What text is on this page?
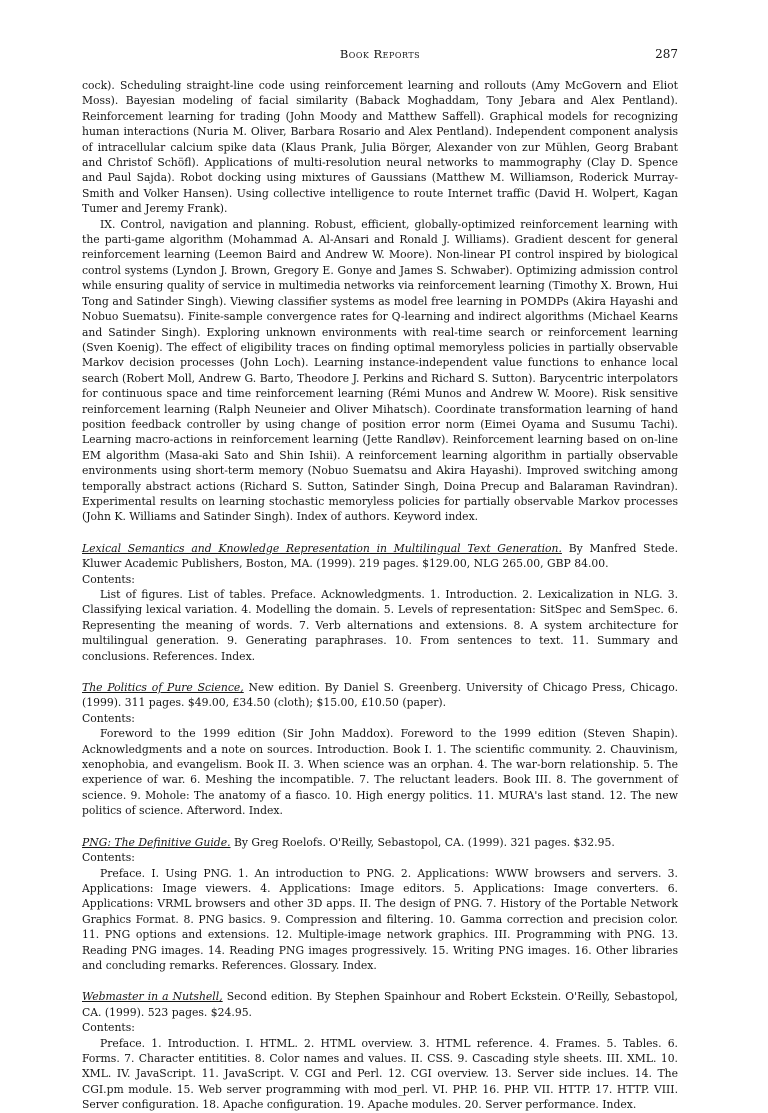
Book Reports	287

cock). Scheduling straight-line code using reinforcement learning and rollouts (Amy McGovern and Eliot Moss). Bayesian modeling of facial similarity (Baback Moghaddam, Tony Jebara and Alex Pentland). Reinforcement learning for trading (John Moody and Matthew Saffell). Graphical models for recognizing human interactions (Nuria M. Oliver, Barbara Rosario and Alex Pentland). Independent component analysis of intracellular calcium spike data (Klaus Prank, Julia Börger, Alexander von zur Mühlen, Georg Brabant and Christof Schöfl). Applications of multi-resolution neural networks to mammography (Clay D. Spence and Paul Sajda). Robot docking using mixtures of Gaussians (Matthew M. Williamson, Roderick Murray-Smith and Volker Hansen). Using collective intelligence to route Internet traffic (David H. Wolpert, Kagan Tumer and Jeremy Frank).

IX. Control, navigation and planning. Robust, efficient, globally-optimized reinforcement learning with the parti-game algorithm (Mohammad A. Al-Ansari and Ronald J. Williams). Gradient descent for general reinforcement learning (Leemon Baird and Andrew W. Moore). Non-linear PI control inspired by biological control systems (Lyndon J. Brown, Gregory E. Gonye and James S. Schwaber). Optimizing admission control while ensuring quality of service in multimedia networks via reinforcement learning (Timothy X. Brown, Hui Tong and Satinder Singh). Viewing classifier systems as model free learning in POMDPs (Akira Hayashi and Nobuo Suematsu). Finite-sample convergence rates for Q-learning and indirect algorithms (Michael Kearns and Satinder Singh). Exploring unknown environments with real-time search or reinforcement learning (Sven Koenig). The effect of eligibility traces on finding optimal memoryless policies in partially observable Markov decision processes (John Loch). Learning instance-independent value functions to enhance local search (Robert Moll, Andrew G. Barto, Theodore J. Perkins and Richard S. Sutton). Barycentric interpolators for continuous space and time reinforcement learning (Rémi Munos and Andrew W. Moore). Risk sensitive reinforcement learning (Ralph Neuneier and Oliver Mihatsch). Coordinate transformation learning of hand position feedback controller by using change of position error norm (Eimei Oyama and Susumu Tachi). Learning macro-actions in reinforcement learning (Jette Randløv). Reinforcement learning based on on-line EM algorithm (Masa-aki Sato and Shin Ishii). A reinforcement learning algorithm in partially observable environments using short-term memory (Nobuo Suematsu and Akira Hayashi). Improved switching among temporally abstract actions (Richard S. Sutton, Satinder Singh, Doina Precup and Balaraman Ravindran). Experimental results on learning stochastic memoryless policies for partially observable Markov processes (John K. Williams and Satinder Singh). Index of authors. Keyword index.

Lexical Semantics and Knowledge Representation in Multilingual Text Generation. By Manfred Stede. Kluwer Academic Publishers, Boston, MA. (1999). 219 pages. $129.00, NLG 265.00, GBP 84.00.

Contents:

List of figures. List of tables. Preface. Acknowledgments. 1. Introduction. 2. Lexicalization in NLG. 3. Classifying lexical variation. 4. Modelling the domain. 5. Levels of representation: SitSpec and SemSpec. 6. Representing the meaning of words. 7. Verb alternations and extensions. 8. A system architecture for multilingual generation. 9. Generating paraphrases. 10. From sentences to text. 11. Summary and conclusions. References. Index.

The Politics of Pure Science, New edition. By Daniel S. Greenberg. University of Chicago Press, Chicago. (1999). 311 pages. $49.00, £34.50 (cloth); $15.00, £10.50 (paper).

Contents:

Foreword to the 1999 edition (Sir John Maddox). Foreword to the 1999 edition (Steven Shapin). Acknowledgments and a note on sources. Introduction. Book I. 1. The scientific community. 2. Chauvinism, xenophobia, and evangelism. Book II. 3. When science was an orphan. 4. The war-born relationship. 5. The experience of war. 6. Meshing the incompatible. 7. The reluctant leaders. Book III. 8. The government of science. 9. Mohole: The anatomy of a fiasco. 10. High energy politics. 11. MURA's last stand. 12. The new politics of science. Afterword. Index.

PNG: The Definitive Guide. By Greg Roelofs. O'Reilly, Sebastopol, CA. (1999). 321 pages. $32.95.

Contents:

Preface. I. Using PNG. 1. An introduction to PNG. 2. Applications: WWW browsers and servers. 3. Applications: Image viewers. 4. Applications: Image editors. 5. Applications: Image converters. 6. Applications: VRML browsers and other 3D apps. II. The design of PNG. 7. History of the Portable Network Graphics Format. 8. PNG basics. 9. Compression and filtering. 10. Gamma correction and precision color. 11. PNG options and extensions. 12. Multiple-image network graphics. III. Programming with PNG. 13. Reading PNG images. 14. Reading PNG images progressively. 15. Writing PNG images. 16. Other libraries and concluding remarks. References. Glossary. Index.

Webmaster in a Nutshell, Second edition. By Stephen Spainhour and Robert Eckstein. O'Reilly, Sebastopol, CA. (1999). 523 pages. $24.95.

Contents:

Preface. 1. Introduction. I. HTML. 2. HTML overview. 3. HTML reference. 4. Frames. 5. Tables. 6. Forms. 7. Character entitities. 8. Color names and values. II. CSS. 9. Cascading style sheets. III. XML. 10. XML. IV. JavaScript. 11. JavaScript. V. CGI and Perl. 12. CGI overview. 13. Server side inclues. 14. The CGI.pm module. 15. Web server programming with mod_perl. VI. PHP. 16. PHP. VII. HTTP. 17. HTTP. VIII. Server configuration. 18. Apache configuration. 19. Apache modules. 20. Server performance. Index.
